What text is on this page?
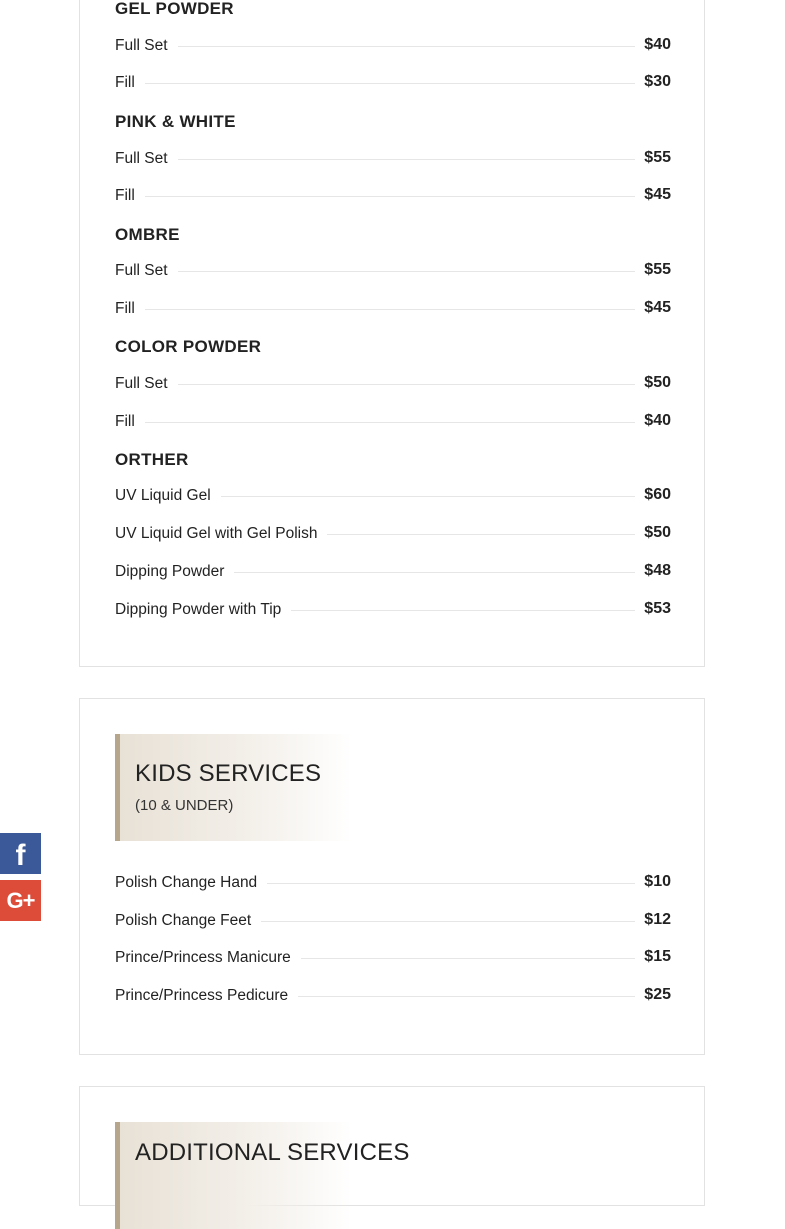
GEL POWDER
Full Set	$40
Fill	$30
PINK & WHITE
Full Set	$55
Fill	$45
OMBRE
Full Set	$55
Fill	$45
COLOR POWDER
Full Set	$50
Fill	$40
ORTHER
UV Liquid Gel	$60
UV Liquid Gel with Gel Polish	$50
Dipping Powder	$48
Dipping Powder with Tip	$53
KIDS SERVICES
(10 & UNDER)
Polish Change Hand	$10
Polish Change Feet	$12
Prince/Princess Manicure	$15
Prince/Princess Pedicure	$25
ADDITIONAL SERVICES
f
G+
